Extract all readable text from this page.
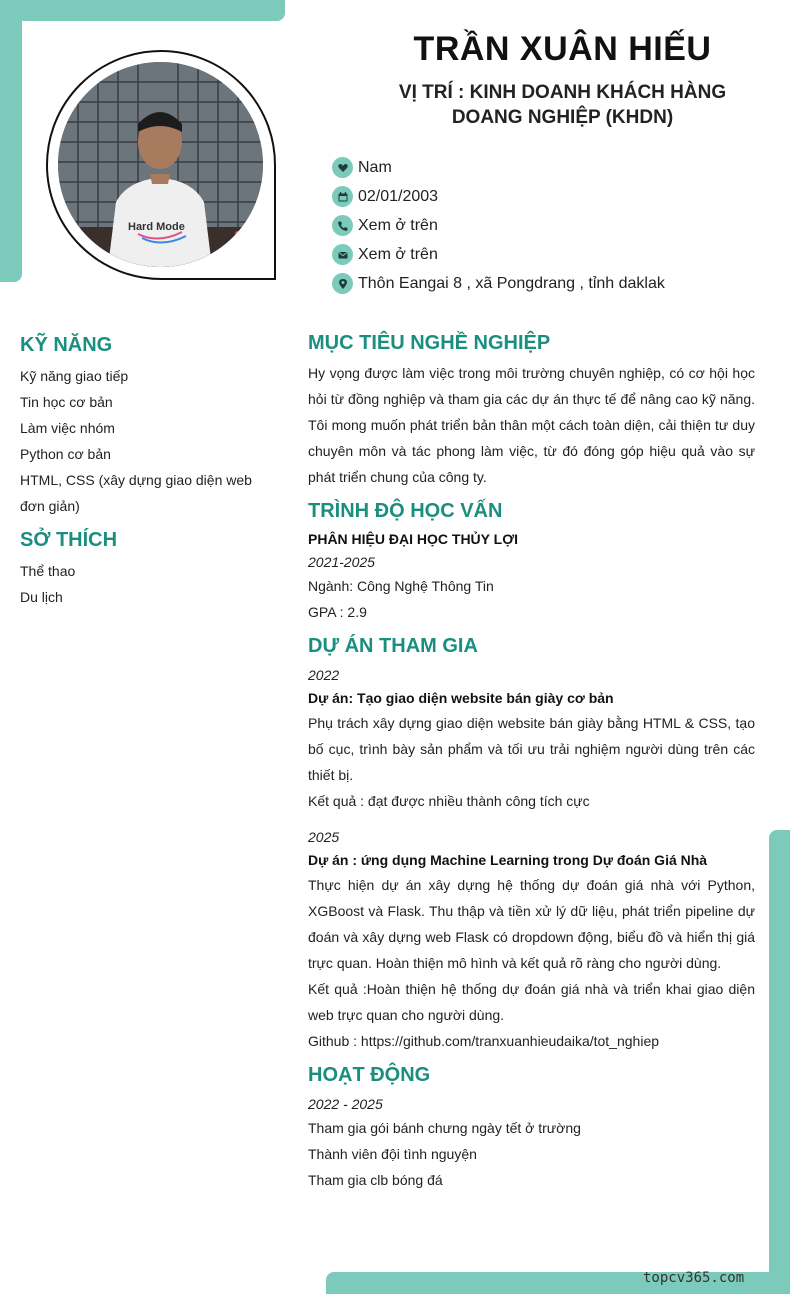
Hard Mode
TRẦN XUÂN HIẾU
VỊ TRÍ : KINH DOANH KHÁCH HÀNG
DOANG NGHIỆP (KHDN)
Nam
02/01/2003
Xem ở trên
Xem ở trên
Thôn Eangai 8 , xã Pongdrang , tỉnh daklak
KỸ NĂNG
Kỹ năng giao tiếp
Tin học cơ bản
Làm việc nhóm
Python cơ bản
HTML, CSS (xây dựng giao diện web đơn giản)
SỞ THÍCH
Thể thao
Du lịch
MỤC TIÊU NGHỀ NGHIỆP

Hy vọng được làm việc trong môi trường chuyên nghiệp, có cơ hội học hỏi từ đồng nghiệp và tham gia các dự án thực tế để nâng cao kỹ năng. Tôi mong muốn phát triển bản thân một cách toàn diện, cải thiện tư duy chuyên môn và tác phong làm việc, từ đó đóng góp hiệu quả vào sự phát triển chung của công ty.

TRÌNH ĐỘ HỌC VẤN
PHÂN HIỆU ĐẠI HỌC THỦY LỢI
2021-2025
Ngành: Công Nghệ Thông Tin
GPA : 2.9
DỰ ÁN THAM GIA
2022
Dự án: Tạo giao diện website bán giày cơ bản

Phụ trách xây dựng giao diện website bán giày bằng HTML & CSS, tạo bố cục, trình bày sản phẩm và tối ưu trải nghiệm người dùng trên các thiết bị.

Kết quả : đạt được nhiều thành công tích cực
2025
Dự án : ứng dụng Machine Learning trong Dự đoán Giá Nhà

Thực hiện dự án xây dựng hệ thống dự đoán giá nhà với Python, XGBoost và Flask. Thu thập và tiền xử lý dữ liệu, phát triển pipeline dự đoán và xây dựng web Flask có dropdown động, biểu đồ và hiển thị giá trực quan. Hoàn thiện mô hình và kết quả rõ ràng cho người dùng.

Kết quả :Hoàn thiện hệ thống dự đoán giá nhà và triển khai giao diện web trực quan cho người dùng.

Github : https://github.com/tranxuanhieudaika/tot_nghiep
HOẠT ĐỘNG
2022 - 2025
Tham gia gói bánh chưng ngày tết ở trường
Thành viên đội tình nguyện
Tham gia clb bóng đá
topcv365.com
